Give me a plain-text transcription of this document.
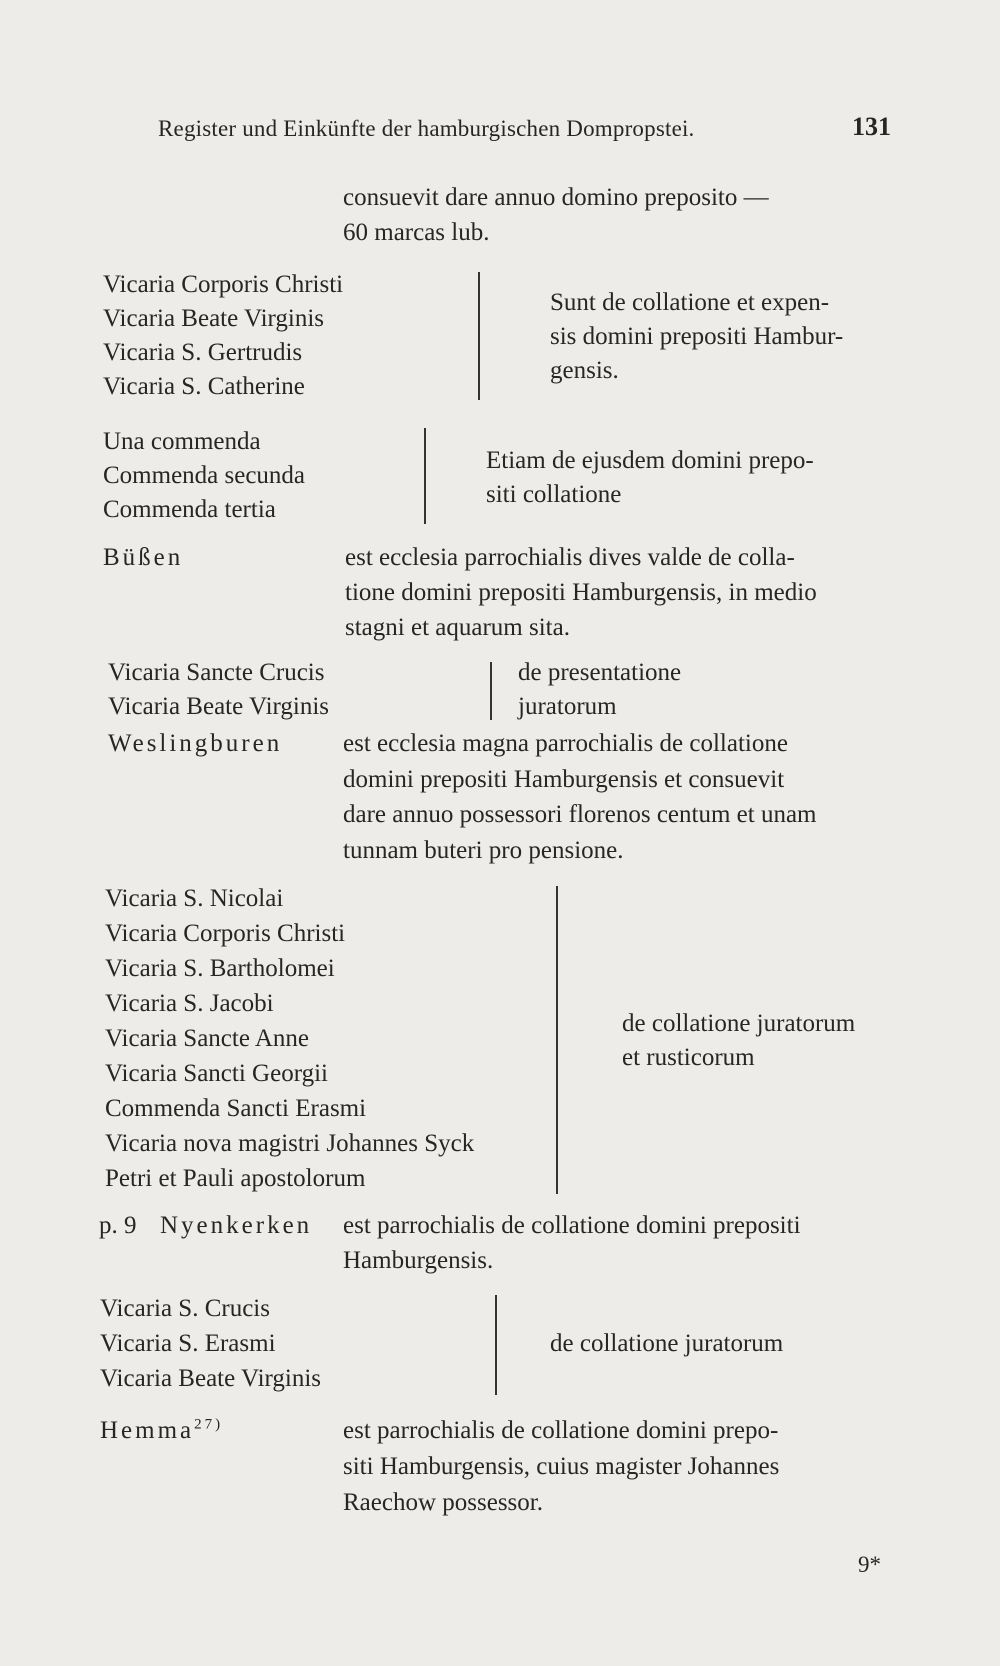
Register und Einkünfte der hamburgischen Dompropstei.	131
consuevit dare annuo domino preposito —
60 marcas lub.
Vicaria Corporis Christi
Vicaria Beate Virginis
Vicaria S. Gertrudis
Vicaria S. Catherine
Sunt de collatione et expen-
sis domini prepositi Hambur-
gensis.
Una commenda
Commenda secunda
Commenda tertia
Etiam de ejusdem domini prepo-
siti collatione
Büßen	est ecclesia parrochialis dives valde de colla-
tione domini prepositi Hamburgensis, in medio
stagni et aquarum sita.
Vicaria Sancte Crucis
Vicaria Beate Virginis
de presentatione
juratorum
Weslingburen est ecclesia magna parrochialis de collatione
domini prepositi Hamburgensis et consuevit
dare annuo possessori florenos centum et unam
tunnam buteri pro pensione.
Vicaria S. Nicolai
Vicaria Corporis Christi
Vicaria S. Bartholomei
Vicaria S. Jacobi
Vicaria Sancte Anne
Vicaria Sancti Georgii
Commenda Sancti Erasmi
Vicaria nova magistri Johannes Syck
Petri et Pauli apostolorum
de collatione juratorum
et rusticorum
p. 9 Nyenkerken est parrochialis de collatione domini prepositi
Hamburgensis.
Vicaria S. Crucis
Vicaria S. Erasmi
Vicaria Beate Virginis
de collatione juratorum
Hemma$^{27)}$	est parrochialis de collatione domini prepo-
siti Hamburgensis, cuius magister Johannes
Raechow possessor.
9*
